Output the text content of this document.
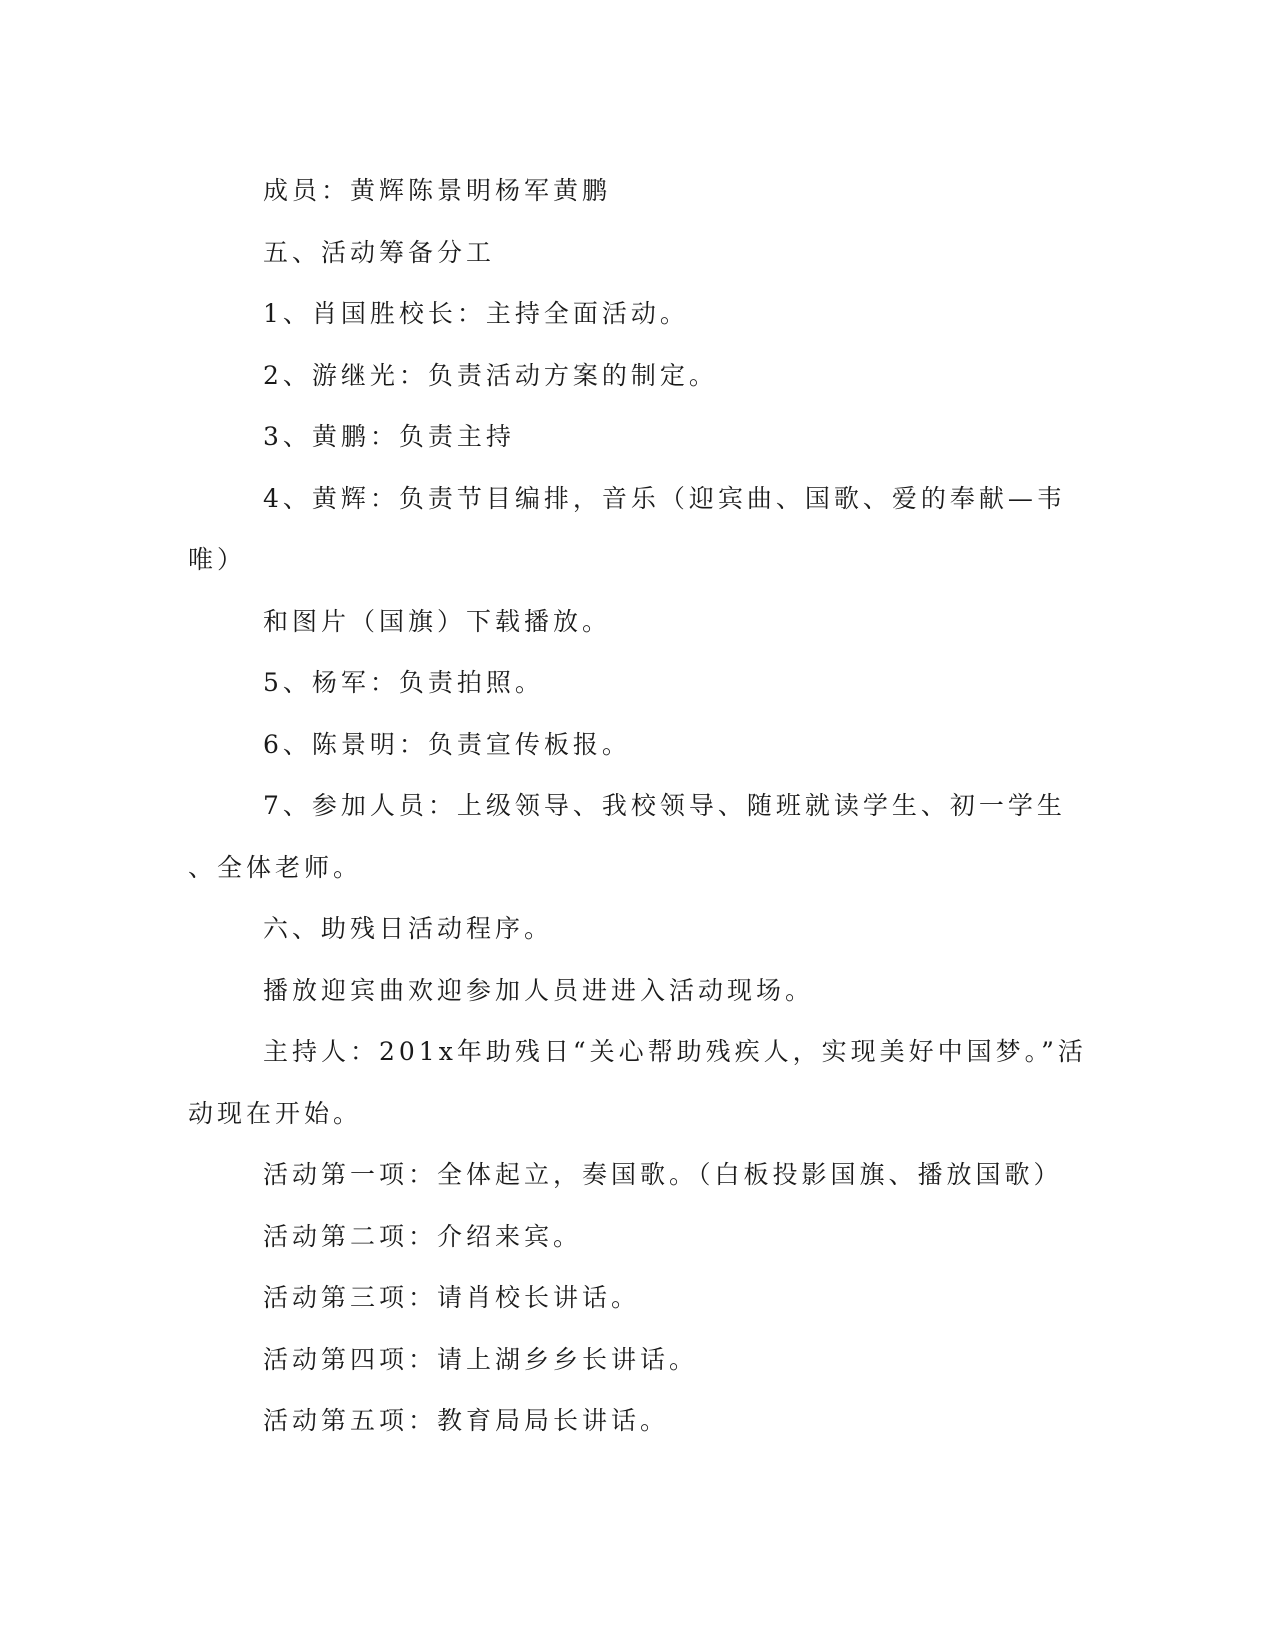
成员：黄辉陈景明杨军黄鹏
五、活动筹备分工
1、肖国胜校长：主持全面活动。
2、游继光：负责活动方案的制定。
3、黄鹏：负责主持
4、黄辉：负责节目编排，音乐（迎宾曲、国歌、爱的奉献—韦
唯）
和图片（国旗）下载播放。
5、杨军：负责拍照。
6、陈景明：负责宣传板报。
7、参加人员：上级领导、我校领导、随班就读学生、初一学生
、全体老师。
六、助残日活动程序。
播放迎宾曲欢迎参加人员进进入活动现场。
主持人：201x年助残日“关心帮助残疾人，实现美好中国梦。”活
动现在开始。
活动第一项：全体起立，奏国歌。（白板投影国旗、播放国歌）
活动第二项：介绍来宾。
活动第三项：请肖校长讲话。
活动第四项：请上湖乡乡长讲话。
活动第五项：教育局局长讲话。
